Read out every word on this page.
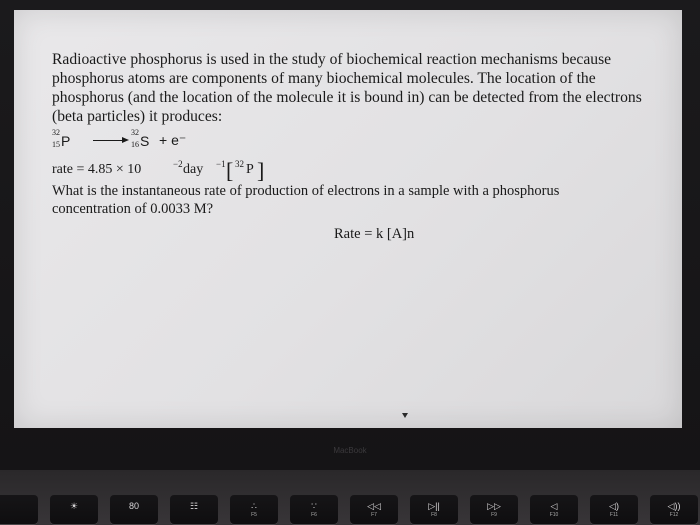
Radioactive phosphorus is used in the study of biochemical reaction mechanisms because
phosphorus atoms are components of many biochemical molecules. The location of the
phosphorus (and the location of the molecule it is bound in) can be detected from the electrons
(beta particles) it produces:
32
15 P
32
16 S + e⁻
rate = 4.85 × 10	−2 day −1 [ 32 P ]
What is the instantaneous rate of production of electrons in a sample with a phosphorus
concentration of 0.0033 M?
Rate = k [A]n
MacBook
☀	80	☷	∴
F5
∵
F6
◁◁
F7
▷||
F8
▷▷
F9
◁
F10
◁)
F11
◁))
F12
